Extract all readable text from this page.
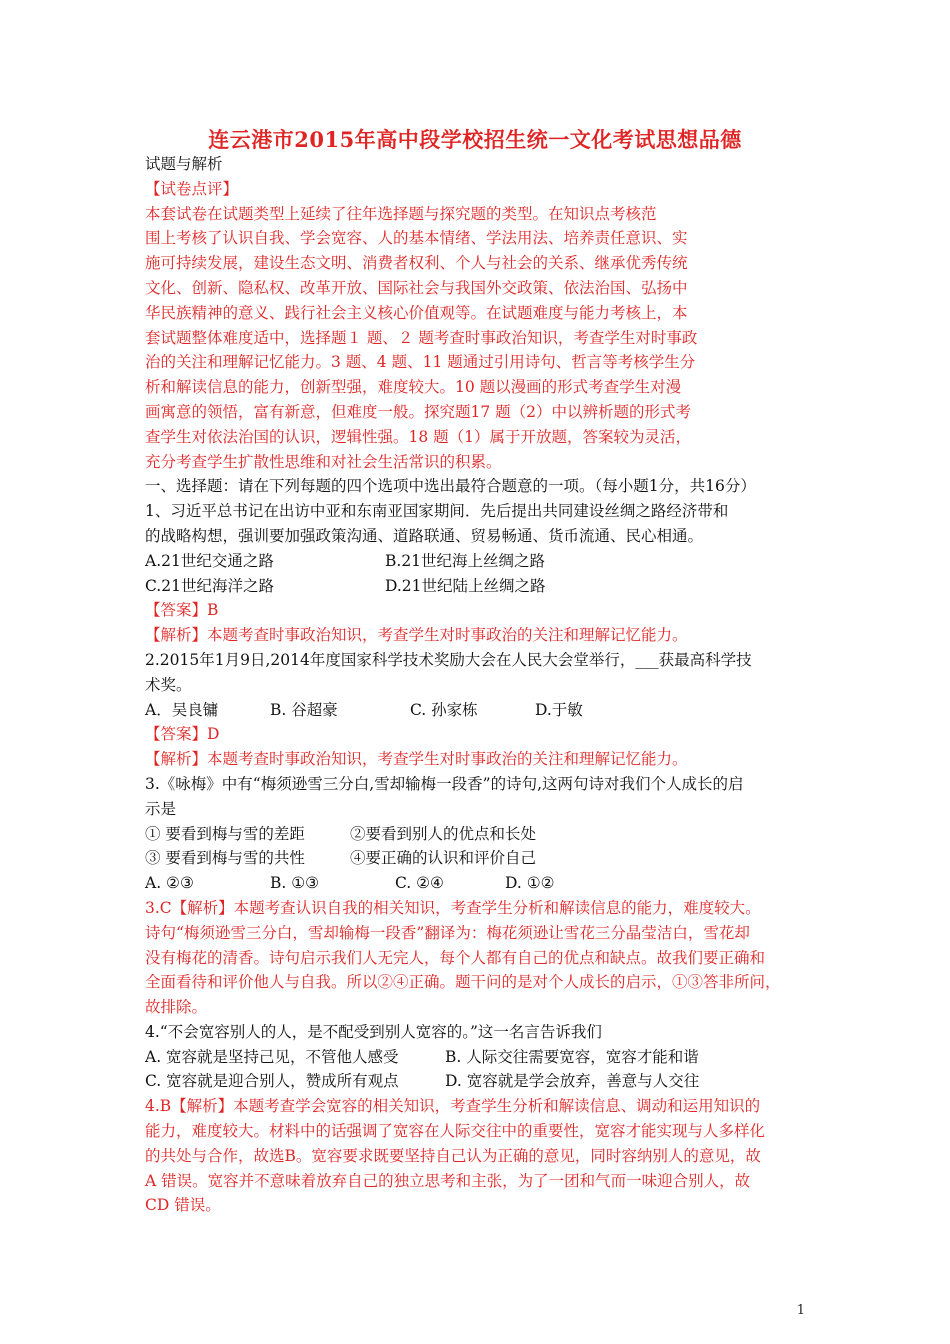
连云港市2015年高中段学校招生统一文化考试思想品德
试题与解析
【试卷点评】
本套试卷在试题类型上延续了往年选择题与探究题的类型。在知识点考核范
围上考核了认识自我、学会宽容、人的基本情绪、学法用法、培养责任意识、实
施可持续发展，建设生态文明、消费者权利、个人与社会的关系、继承优秀传统
文化、创新、隐私权、改革开放、国际社会与我国外交政策、依法治国、弘扬中
华民族精神的意义、践行社会主义核心价值观等。在试题难度与能力考核上，本
套试题整体难度适中，选择题１ 题、２ 题考查时事政治知识，考查学生对时事政
治的关注和理解记忆能力。3 题、4 题、11 题通过引用诗句、哲言等考核学生分
析和解读信息的能力，创新型强，难度较大。10 题以漫画的形式考查学生对漫
画寓意的领悟，富有新意，但难度一般。探究题17 题（2）中以辨析题的形式考
查学生对依法治国的认识，逻辑性强。18 题（1）属于开放题，答案较为灵活，
充分考查学生扩散性思维和对社会生活常识的积累。
一、选择题：请在下列每题的四个选项中选出最符合题意的一项。（每小题1分，共16分）
1、习近平总书记在出访中亚和东南亚国家期间．先后提出共同建设丝绸之路经济带和
的战略构想，强训要加强政策沟通、道路联通、贸易畅通、货币流通、民心相通。
A.21世纪交通之路	B.21世纪海上丝绸之路
C.21世纪海洋之路	D.21世纪陆上丝绸之路
【答案】B
【解析】本题考查时事政治知识，考查学生对时事政治的关注和理解记忆能力。
2.2015年1月9日,2014年度国家科学技术奖励大会在人民大会堂举行，___获最高科学技
术奖。
A．吴良镛	B. 谷超豪	C. 孙家栋	D.于敏
【答案】D
【解析】本题考查时事政治知识，考查学生对时事政治的关注和理解记忆能力。
3.《咏梅》中有“梅须逊雪三分白,雪却输梅一段香”的诗句,这两句诗对我们个人成长的启
示是
① 要看到梅与雪的差距	②要看到别人的优点和长处
③ 要看到梅与雪的共性	④要正确的认识和评价自己
A. ②③	B. ①③	C. ②④	D. ①②
3.C【解析】本题考查认识自我的相关知识，考查学生分析和解读信息的能力，难度较大。
诗句“梅须逊雪三分白，雪却输梅一段香”翻译为：梅花须逊让雪花三分晶莹洁白，雪花却
没有梅花的清香。诗句启示我们人无完人，每个人都有自己的优点和缺点。故我们要正确和
全面看待和评价他人与自我。所以②④正确。题干问的是对个人成长的启示，①③答非所问，
故排除。
4.“不会宽容别人的人，是不配受到别人宽容的。”这一名言告诉我们
A. 宽容就是坚持己见，不管他人感受	B. 人际交往需要宽容，宽容才能和谐
C. 宽容就是迎合别人，赞成所有观点	D. 宽容就是学会放弃，善意与人交往
4.B【解析】本题考查学会宽容的相关知识，考查学生分析和解读信息、调动和运用知识的
能力，难度较大。材料中的话强调了宽容在人际交往中的重要性，宽容才能实现与人多样化
的共处与合作，故选B。宽容要求既要坚持自己认为正确的意见，同时容纳别人的意见，故
A 错误。宽容并不意味着放弃自己的独立思考和主张，为了一团和气而一味迎合别人，故
CD 错误。
1
